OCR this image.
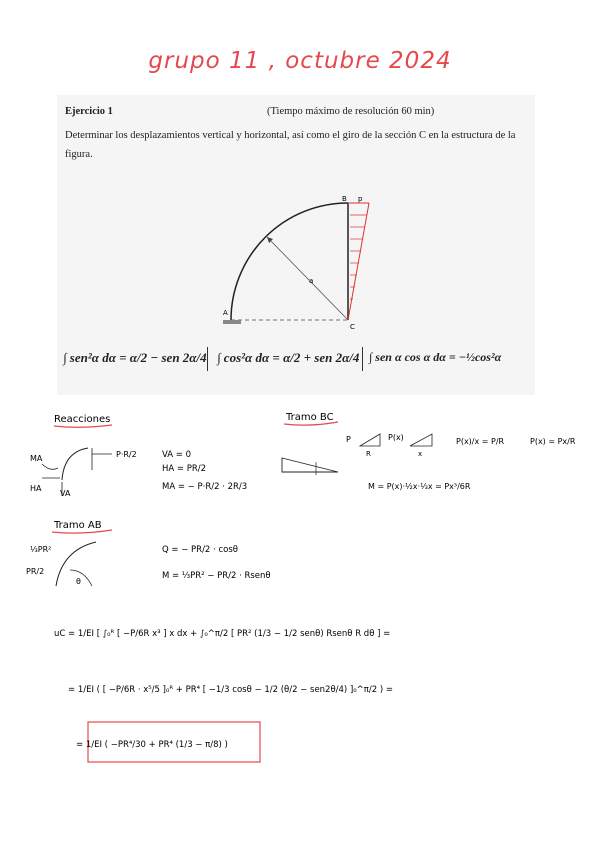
grupo 11 , octubre 2024
Ejercicio 1	(Tiempo máximo de resolución 60 min)
Determinar los desplazamientos vertical y horizontal, así como el giro de la sección C en la estructura de la figura.
A
B p
C
a
∫ sen²α dα = α/2 − sen 2α/4 ∫ cos²α dα = α/2 + sen 2α/4 ∫ sen α cos α dα = −½cos²α
Reacciones
P·R/2
MA
HA
VA
VA = 0
HA = PR/2
MA = − P·R/2 · 2R/3
Tramo BC
P
R
P(x)
x
P(x)/x = P/R	P(x) = Px/R
M = P(x)·½x·⅓x = Px³/6R
Tramo AB
⅓PR²
PR/2
θ
Q = − PR/2 · cosθ
M = ⅓PR² − PR/2 · Rsenθ
uC = 1/EI [ ∫₀ᴿ [ −P/6R x³ ] x dx + ∫₀^π/2 [ PR² (1/3 − 1/2 senθ) Rsenθ R dθ ] =
= 1/EI ( [ −P/6R · x⁵/5 ]₀ᴿ + PR⁴ [ −1/3 cosθ − 1/2 (θ/2 − sen2θ/4) ]₀^π/2 ) =
= 1/EI ( −PR⁴/30 + PR⁴ (1/3 − π/8) )
